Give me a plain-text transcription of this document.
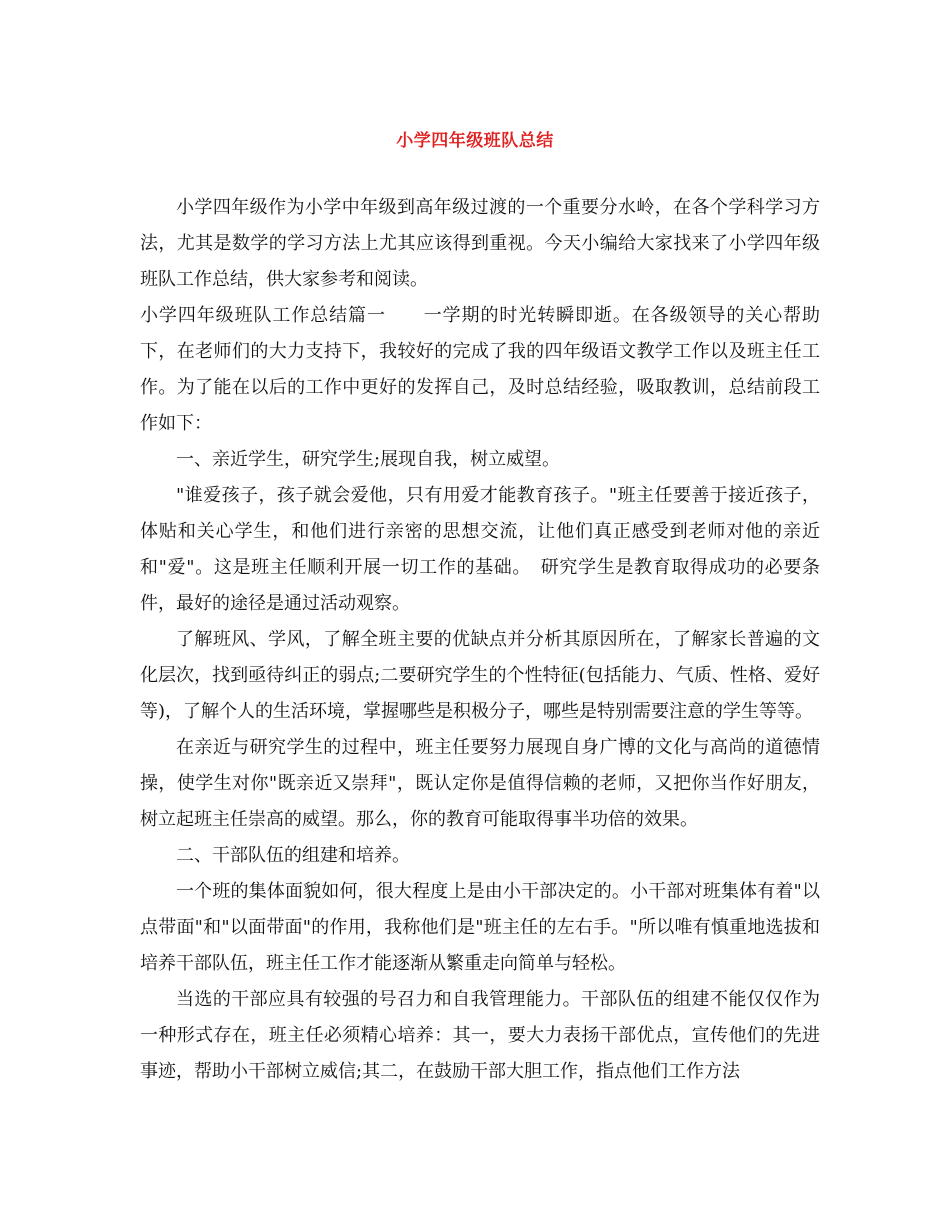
小学四年级班队总结

小学四年级作为小学中年级到高年级过渡的一个重要分水岭，在各个学科学习方法，尤其是数学的学习方法上尤其应该得到重视。今天小编给大家找来了小学四年级班队工作总结，供大家参考和阅读。

小学四年级班队工作总结篇一　　一学期的时光转瞬即逝。在各级领导的关心帮助下，在老师们的大力支持下，我较好的完成了我的四年级语文教学工作以及班主任工作。为了能在以后的工作中更好的发挥自己，及时总结经验，吸取教训，总结前段工作如下：

一、亲近学生，研究学生;展现自我，树立威望。

"谁爱孩子，孩子就会爱他，只有用爱才能教育孩子。"班主任要善于接近孩子，体贴和关心学生，和他们进行亲密的思想交流，让他们真正感受到老师对他的亲近和"爱"。这是班主任顺利开展一切工作的基础。　研究学生是教育取得成功的必要条件，最好的途径是通过活动观察。

了解班风、学风，了解全班主要的优缺点并分析其原因所在，了解家长普遍的文化层次，找到亟待纠正的弱点;二要研究学生的个性特征(包括能力、气质、性格、爱好等)，了解个人的生活环境，掌握哪些是积极分子，哪些是特别需要注意的学生等等。

在亲近与研究学生的过程中，班主任要努力展现自身广博的文化与高尚的道德情操，使学生对你"既亲近又崇拜"，既认定你是值得信赖的老师，又把你当作好朋友，树立起班主任崇高的威望。那么，你的教育可能取得事半功倍的效果。

二、干部队伍的组建和培养。

一个班的集体面貌如何，很大程度上是由小干部决定的。小干部对班集体有着"以点带面"和"以面带面"的作用，我称他们是"班主任的左右手。"所以唯有慎重地选拔和培养干部队伍，班主任工作才能逐渐从繁重走向简单与轻松。

当选的干部应具有较强的号召力和自我管理能力。干部队伍的组建不能仅仅作为一种形式存在，班主任必须精心培养：其一，要大力表扬干部优点，宣传他们的先进事迹，帮助小干部树立威信;其二，在鼓励干部大胆工作，指点他们工作方法
